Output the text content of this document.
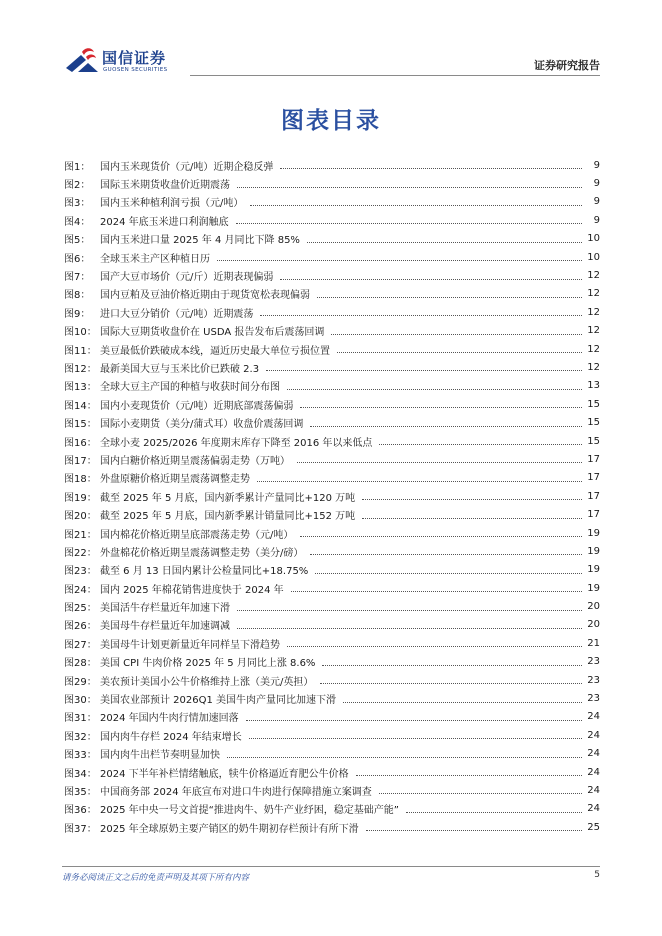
国信证券
GUOSEN SECURITIES	证券研究报告
图表目录
图1： 国内玉米现货价（元/吨）近期企稳反弹	9
图2： 国际玉米期货收盘价近期震荡	9
图3： 国内玉米种植利润亏损（元/吨）	9
图4： 2024 年底玉米进口利润触底	9
图5： 国内玉米进口量 2025 年 4 月同比下降 85%	10
图6： 全球玉米主产区种植日历	10
图7： 国产大豆市场价（元/斤）近期表现偏弱	12
图8： 国内豆粕及豆油价格近期由于现货宽松表现偏弱	12
图9： 进口大豆分销价（元/吨）近期震荡	12
图10： 国际大豆期货收盘价在 USDA 报告发布后震荡回调	12
图11： 美豆最低价跌破成本线，逼近历史最大单位亏损位置	12
图12： 最新美国大豆与玉米比价已跌破 2.3	12
图13： 全球大豆主产国的种植与收获时间分布图	13
图14： 国内小麦现货价（元/吨）近期底部震荡偏弱	15
图15： 国际小麦期货（美分/蒲式耳）收盘价震荡回调	15
图16： 全球小麦 2025/2026 年度期末库存下降至 2016 年以来低点	15
图17： 国内白糖价格近期呈震荡偏弱走势（万吨）	17
图18： 外盘原糖价格近期呈震荡调整走势	17
图19： 截至 2025 年 5 月底，国内新季累计产量同比+120 万吨	17
图20： 截至 2025 年 5 月底，国内新季累计销量同比+152 万吨	17
图21： 国内棉花价格近期呈底部震荡走势（元/吨）	19
图22： 外盘棉花价格近期呈震荡调整走势（美分/磅）	19
图23： 截至 6 月 13 日国内累计公检量同比+18.75%	19
图24： 国内 2025 年棉花销售进度快于 2024 年	19
图25： 美国活牛存栏量近年加速下滑	20
图26： 美国母牛存栏量近年加速调减	20
图27： 美国母牛计划更新量近年同样呈下滑趋势	21
图28： 美国 CPI 牛肉价格 2025 年 5 月同比上涨 8.6%	23
图29： 美农预计美国小公牛价格维持上涨（美元/英担）	23
图30： 美国农业部预计 2026Q1 美国牛肉产量同比加速下滑	23
图31： 2024 年国内牛肉行情加速回落	24
图32： 国内肉牛存栏 2024 年结束增长	24
图33： 国内肉牛出栏节奏明显加快	24
图34： 2024 下半年补栏情绪触底，犊牛价格逼近育肥公牛价格	24
图35： 中国商务部 2024 年底宣布对进口牛肉进行保障措施立案调查	24
图36： 2025 年中央一号文首提“推进肉牛、奶牛产业纾困，稳定基础产能”	24
图37： 2025 年全球原奶主要产销区的奶牛期初存栏预计有所下滑	25
请务必阅读正文之后的免责声明及其项下所有内容	5
